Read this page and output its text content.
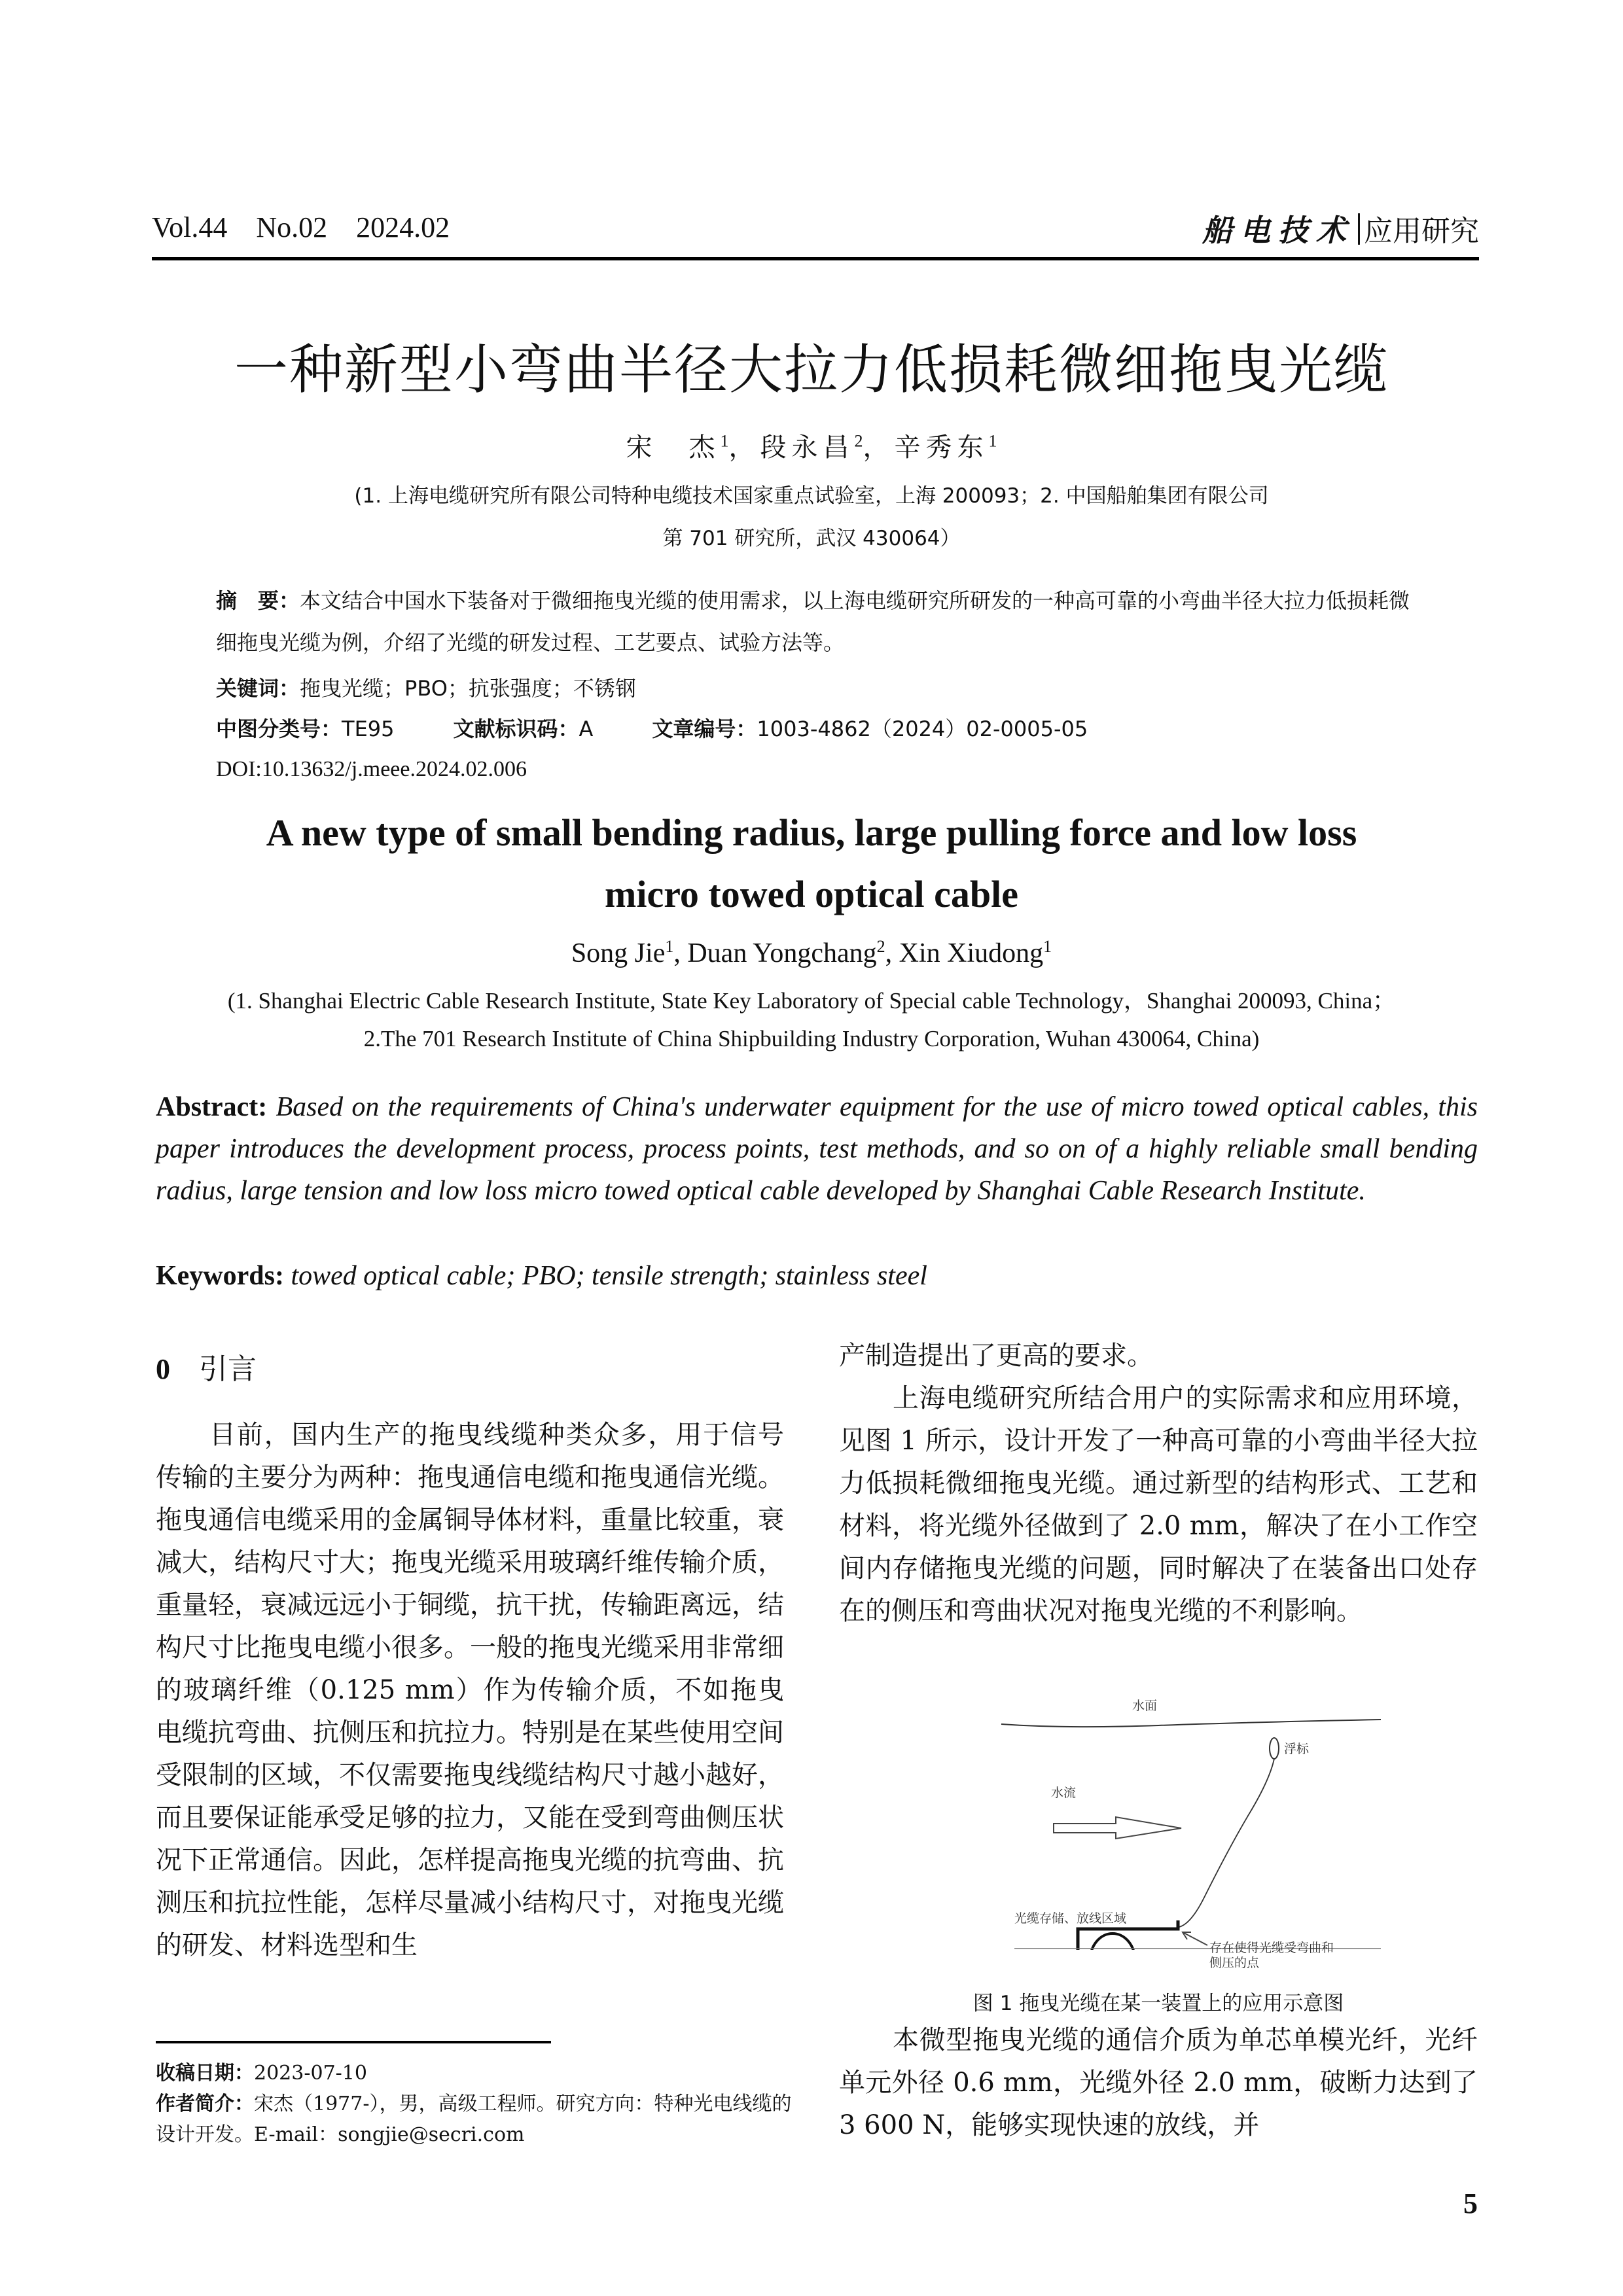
Vol.44 No.02 2024.02	船电技术 应用研究
一种新型小弯曲半径大拉力低损耗微细拖曳光缆
宋　杰$^1$，段永昌$^2$，辛秀东$^1$
(1. 上海电缆研究所有限公司特种电缆技术国家重点试验室，上海 200093；2. 中国船舶集团有限公司
第 701 研究所，武汉 430064）
摘　要：本文结合中国水下装备对于微细拖曳光缆的使用需求，以上海电缆研究所研发的一种高可靠的小弯曲半径大拉力低损耗微细拖曳光缆为例，介绍了光缆的研发过程、工艺要点、试验方法等。
关键词：拖曳光缆；PBO；抗张强度；不锈钢
中图分类号：TE95	文献标识码：A	文章编号：1003-4862（2024）02-0005-05
DOI:10.13632/j.meee.2024.02.006
A new type of small bending radius, large pulling force and low loss
micro towed optical cable
Song Jie$^1$, Duan Yongchang$^2$, Xin Xiudong$^1$
(1. Shanghai Electric Cable Research Institute, State Key Laboratory of Special cable Technology，Shanghai 200093, China；
2.The 701 Research Institute of China Shipbuilding Industry Corporation, Wuhan 430064, China)
Abstract: Based on the requirements of China's underwater equipment for the use of micro towed optical cables, this paper introduces the development process, process points, test methods, and so on of a highly reliable small bending radius, large tension and low loss micro towed optical cable developed by Shanghai Cable Research Institute.
Keywords: towed optical cable; PBO; tensile strength; stainless steel
0 引言

目前，国内生产的拖曳线缆种类众多，用于信号传输的主要分为两种：拖曳通信电缆和拖曳通信光缆。拖曳通信电缆采用的金属铜导体材料，重量比较重，衰减大，结构尺寸大；拖曳光缆采用玻璃纤维传输介质，重量轻，衰减远远小于铜缆，抗干扰，传输距离远，结构尺寸比拖曳电缆小很多。一般的拖曳光缆采用非常细的玻璃纤维（0.125 mm）作为传输介质，不如拖曳电缆抗弯曲、抗侧压和抗拉力。特别是在某些使用空间受限制的区域，不仅需要拖曳线缆结构尺寸越小越好，而且要保证能承受足够的拉力，又能在受到弯曲侧压状况下正常通信。因此，怎样提高拖曳光缆的抗弯曲、抗测压和抗拉性能，怎样尽量减小结构尺寸，对拖曳光缆的研发、材料选型和生

产制造提出了更高的要求。

上海电缆研究所结合用户的实际需求和应用环境，见图 1 所示，设计开发了一种高可靠的小弯曲半径大拉力低损耗微细拖曳光缆。通过新型的结构形式、工艺和材料，将光缆外径做到了 2.0 mm，解决了在小工作空间内存储拖曳光缆的问题，同时解决了在装备出口处存在的侧压和弯曲状况对拖曳光缆的不利影响。

水面
浮标
水流
光缆存储、放线区域
存在使得光缆受弯曲和
侧压的点
图 1 拖曳光缆在某一装置上的应用示意图

本微型拖曳光缆的通信介质为单芯单模光纤，光纤单元外径 0.6 mm，光缆外径 2.0 mm，破断力达到了 3 600 N，能够实现快速的放线，并

收稿日期：2023-07-10
作者简介：宋杰（1977-），男，高级工程师。研究方向：特种光电线缆的设计开发。E-mail：songjie@secri.com
5
